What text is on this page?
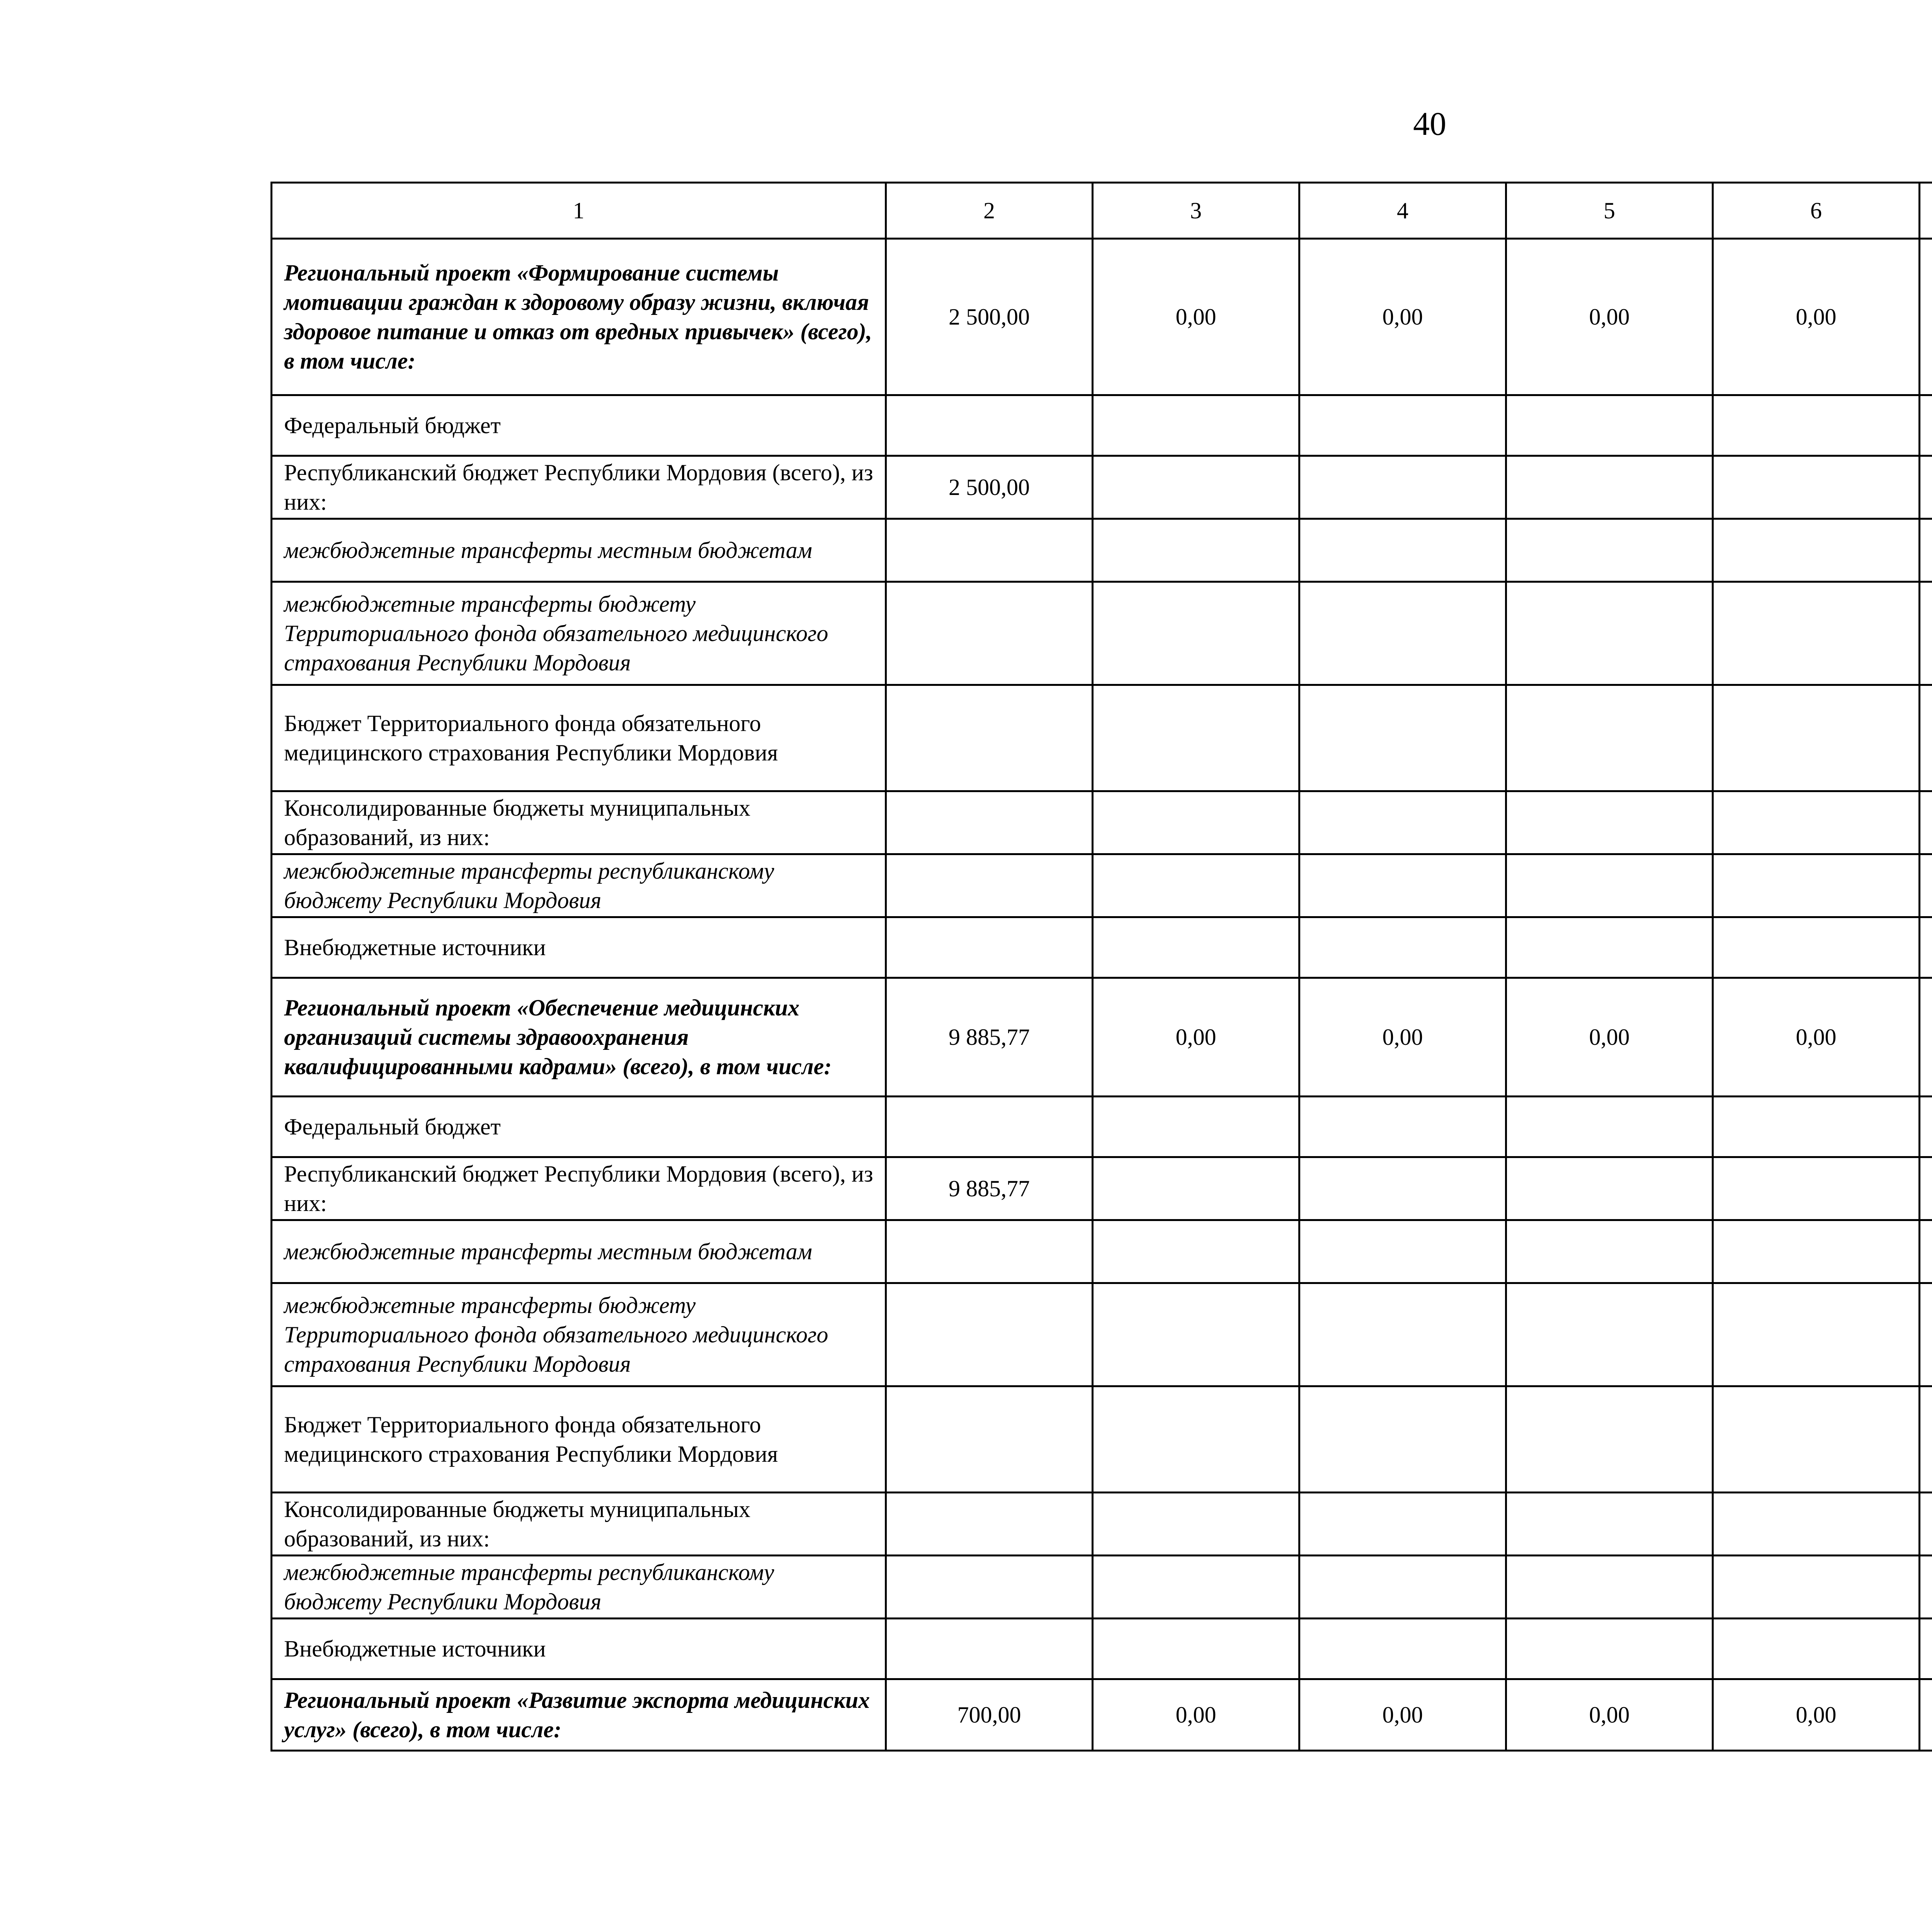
40
1	2	3	4	5	6			
Региональный проект «Формирование системы мотивации граждан к здоровому образу жизни, включая здоровое питание и отказ от вредных привычек» (всего), в том числе:	2 500,00	0,00	0,00	0,00	0,00			
Федеральный бюджет								
Республиканский бюджет Республики Мордовия (всего), из них:	2 500,00							
межбюджетные трансферты местным бюджетам								
межбюджетные трансферты бюджету Территориального фонда обязательного медицинского страхования Республики Мордовия								
Бюджет Территориального фонда обязательного медицинского страхования Республики Мордовия								
Консолидированные бюджеты муниципальных образований, из них:								
межбюджетные трансферты республиканскому бюджету Республики Мордовия								
Внебюджетные источники								
Региональный проект «Обеспечение медицинских организаций системы здравоохранения квалифицированными кадрами» (всего), в том числе:	9 885,77	0,00	0,00	0,00	0,00			
Федеральный бюджет								
Республиканский бюджет Республики Мордовия (всего), из них:	9 885,77							
межбюджетные трансферты местным бюджетам								
межбюджетные трансферты бюджету Территориального фонда обязательного медицинского страхования Республики Мордовия								
Бюджет Территориального фонда обязательного медицинского страхования Республики Мордовия								
Консолидированные бюджеты муниципальных образований, из них:								
межбюджетные трансферты республиканскому бюджету Республики Мордовия								
Внебюджетные источники								
Региональный проект «Развитие экспорта медицинских услуг» (всего), в том числе:	700,00	0,00	0,00	0,00	0,00			
